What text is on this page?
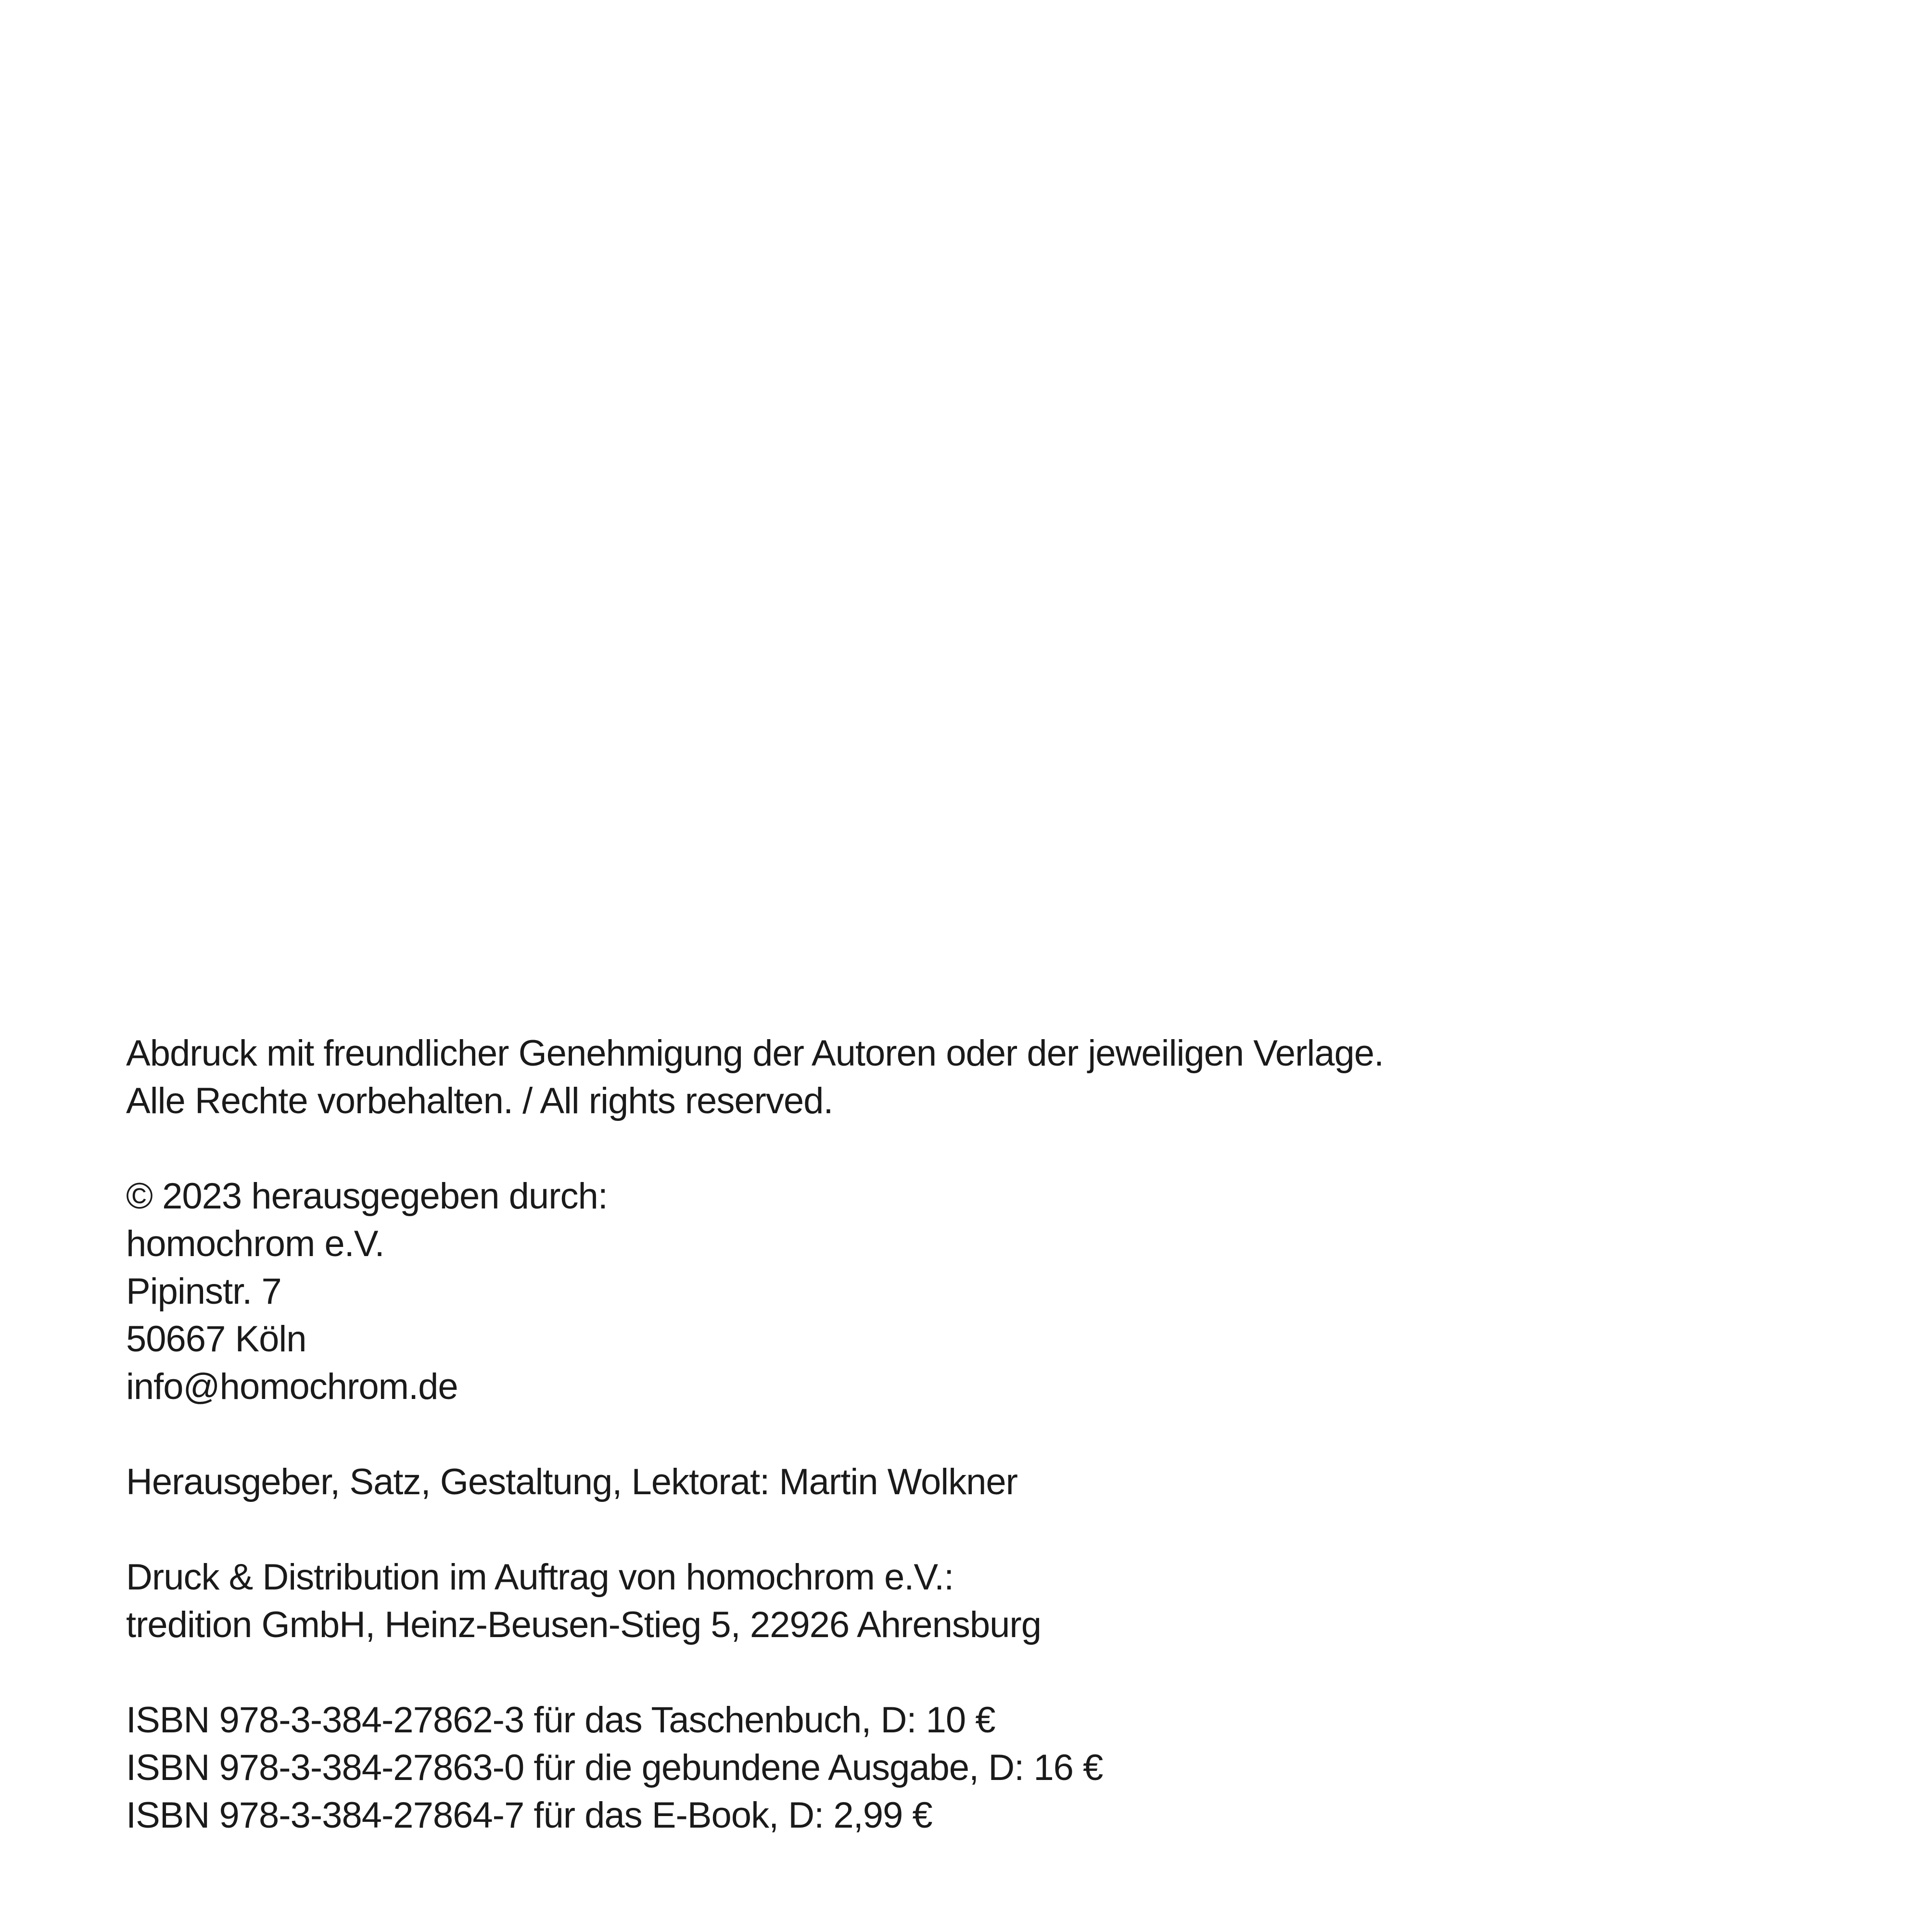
Abdruck mit freundlicher Genehmigung der Autoren oder der jeweiligen Verlage.
Alle Rechte vorbehalten. / All rights reserved.
© 2023 herausgegeben durch:
homochrom e.V.
Pipinstr. 7
50667 Köln
info@homochrom.de
Herausgeber, Satz, Gestaltung, Lektorat: Martin Wolkner
Druck & Distribution im Auftrag von homochrom e.V.:
tredition GmbH, Heinz-Beusen-Stieg 5, 22926 Ahrensburg
ISBN 978-3-384-27862-3 für das Taschenbuch, D: 10 €
ISBN 978-3-384-27863-0 für die gebundene Ausgabe, D: 16 €
ISBN 978-3-384-27864-7 für das E-Book, D: 2,99 €
